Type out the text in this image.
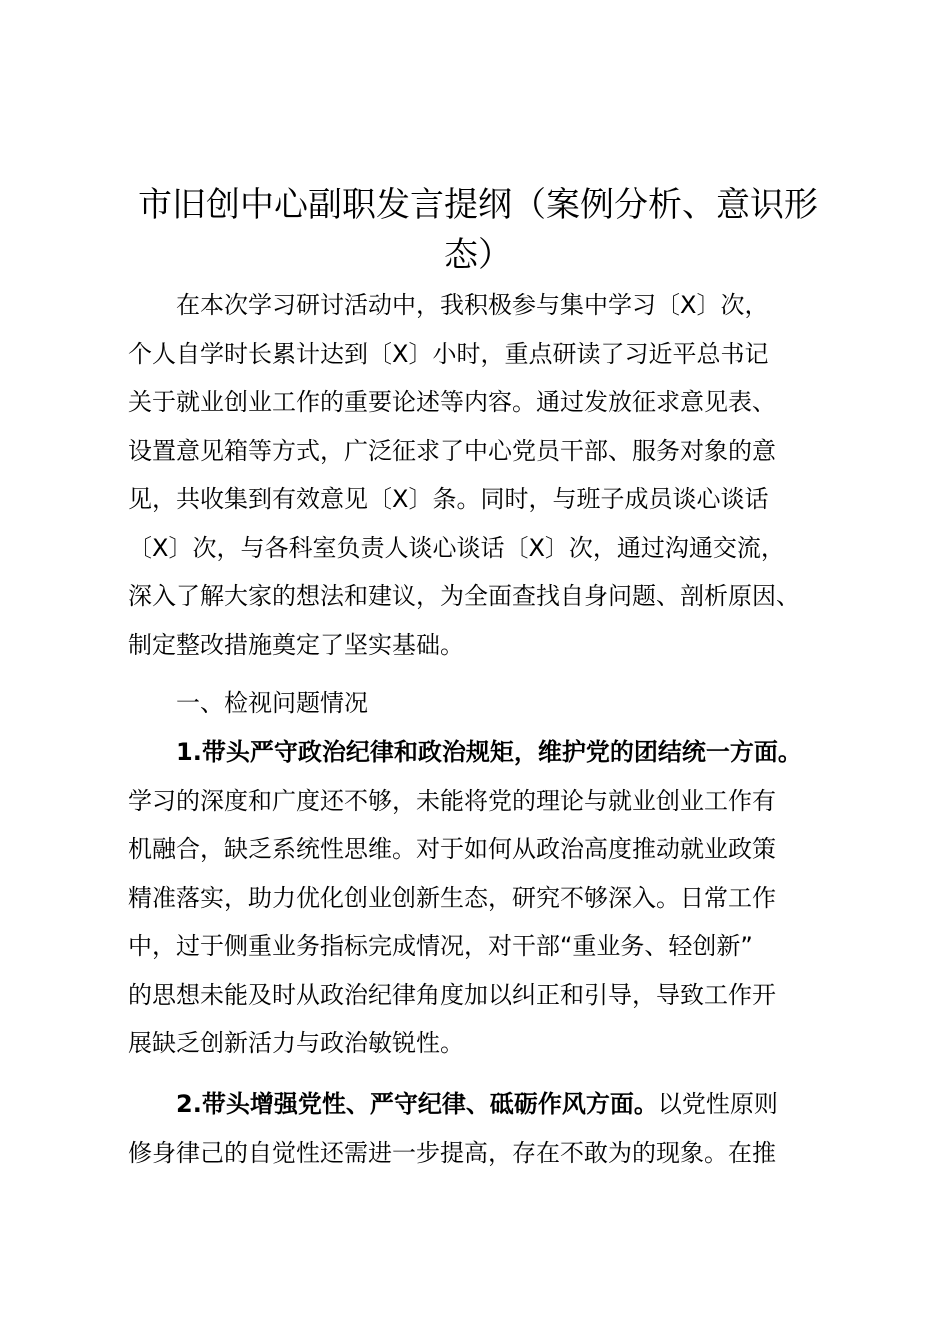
市旧创中心副职发言提纲（案例分析、意识形
态）
在本次学习研讨活动中，我积极参与集中学习〔X〕次，
个人自学时长累计达到〔X〕小时，重点研读了习近平总书记
关于就业创业工作的重要论述等内容。通过发放征求意见表、
设置意见箱等方式，广泛征求了中心党员干部、服务对象的意
见，共收集到有效意见〔X〕条。同时，与班子成员谈心谈话
〔X〕次，与各科室负责人谈心谈话〔X〕次，通过沟通交流，
深入了解大家的想法和建议，为全面查找自身问题、剖析原因、
制定整改措施奠定了坚实基础。
一、检视问题情况
1.带头严守政治纪律和政治规矩，维护党的团结统一方面。
学习的深度和广度还不够，未能将党的理论与就业创业工作有
机融合，缺乏系统性思维。对于如何从政治高度推动就业政策
精准落实，助力优化创业创新生态，研究不够深入。日常工作
中，过于侧重业务指标完成情况，对干部“重业务、轻创新”
的思想未能及时从政治纪律角度加以纠正和引导，导致工作开
展缺乏创新活力与政治敏锐性。
2.带头增强党性、严守纪律、砥砺作风方面。以党性原则
修身律己的自觉性还需进一步提高，存在不敢为的现象。在推
